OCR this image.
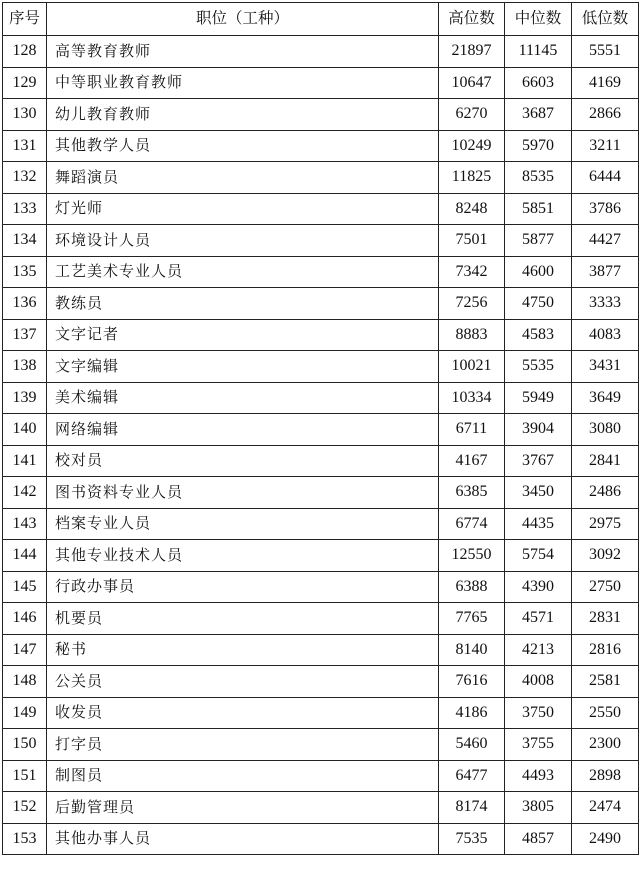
序号	职位（工种）	高位数	中位数	低位数
128	高等教育教师	21897	11145	5551
129	中等职业教育教师	10647	6603	4169
130	幼儿教育教师	6270	3687	2866
131	其他教学人员	10249	5970	3211
132	舞蹈演员	11825	8535	6444
133	灯光师	8248	5851	3786
134	环境设计人员	7501	5877	4427
135	工艺美术专业人员	7342	4600	3877
136	教练员	7256	4750	3333
137	文字记者	8883	4583	4083
138	文字编辑	10021	5535	3431
139	美术编辑	10334	5949	3649
140	网络编辑	6711	3904	3080
141	校对员	4167	3767	2841
142	图书资料专业人员	6385	3450	2486
143	档案专业人员	6774	4435	2975
144	其他专业技术人员	12550	5754	3092
145	行政办事员	6388	4390	2750
146	机要员	7765	4571	2831
147	秘书	8140	4213	2816
148	公关员	7616	4008	2581
149	收发员	4186	3750	2550
150	打字员	5460	3755	2300
151	制图员	6477	4493	2898
152	后勤管理员	8174	3805	2474
153	其他办事人员	7535	4857	2490
